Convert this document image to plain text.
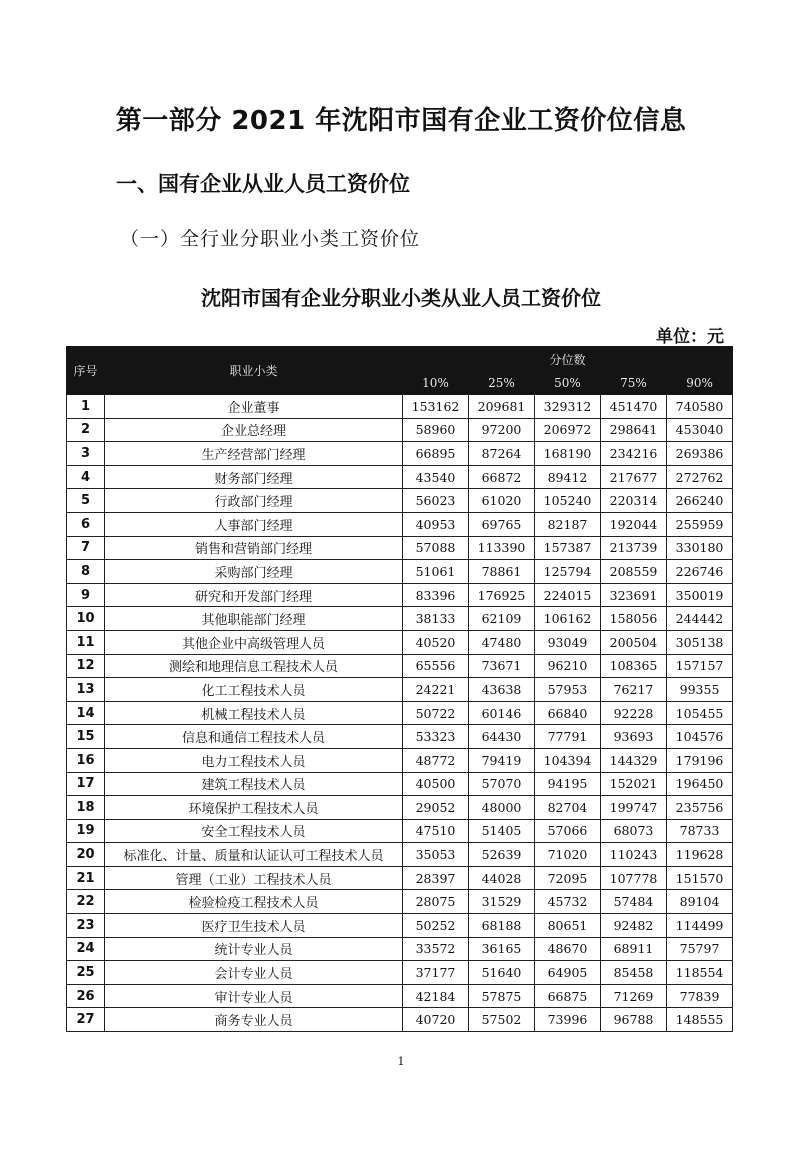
第一部分 2021 年沈阳市国有企业工资价位信息
一、国有企业从业人员工资价位
（一）全行业分职业小类工资价位
沈阳市国有企业分职业小类从业人员工资价位
单位：元
序号	职业小类	分位数				
		10%	25%	50%	75%	90%
1	企业董事	153162	209681	329312	451470	740580
2	企业总经理	58960	97200	206972	298641	453040
3	生产经营部门经理	66895	87264	168190	234216	269386
4	财务部门经理	43540	66872	89412	217677	272762
5	行政部门经理	56023	61020	105240	220314	266240
6	人事部门经理	40953	69765	82187	192044	255959
7	销售和营销部门经理	57088	113390	157387	213739	330180
8	采购部门经理	51061	78861	125794	208559	226746
9	研究和开发部门经理	83396	176925	224015	323691	350019
10	其他职能部门经理	38133	62109	106162	158056	244442
11	其他企业中高级管理人员	40520	47480	93049	200504	305138
12	测绘和地理信息工程技术人员	65556	73671	96210	108365	157157
13	化工工程技术人员	24221	43638	57953	76217	99355
14	机械工程技术人员	50722	60146	66840	92228	105455
15	信息和通信工程技术人员	53323	64430	77791	93693	104576
16	电力工程技术人员	48772	79419	104394	144329	179196
17	建筑工程技术人员	40500	57070	94195	152021	196450
18	环境保护工程技术人员	29052	48000	82704	199747	235756
19	安全工程技术人员	47510	51405	57066	68073	78733
20	标准化、计量、质量和认证认可工程技术人员	35053	52639	71020	110243	119628
21	管理（工业）工程技术人员	28397	44028	72095	107778	151570
22	检验检疫工程技术人员	28075	31529	45732	57484	89104
23	医疗卫生技术人员	50252	68188	80651	92482	114499
24	统计专业人员	33572	36165	48670	68911	75797
25	会计专业人员	37177	51640	64905	85458	118554
26	审计专业人员	42184	57875	66875	71269	77839
27	商务专业人员	40720	57502	73996	96788	148555
1
